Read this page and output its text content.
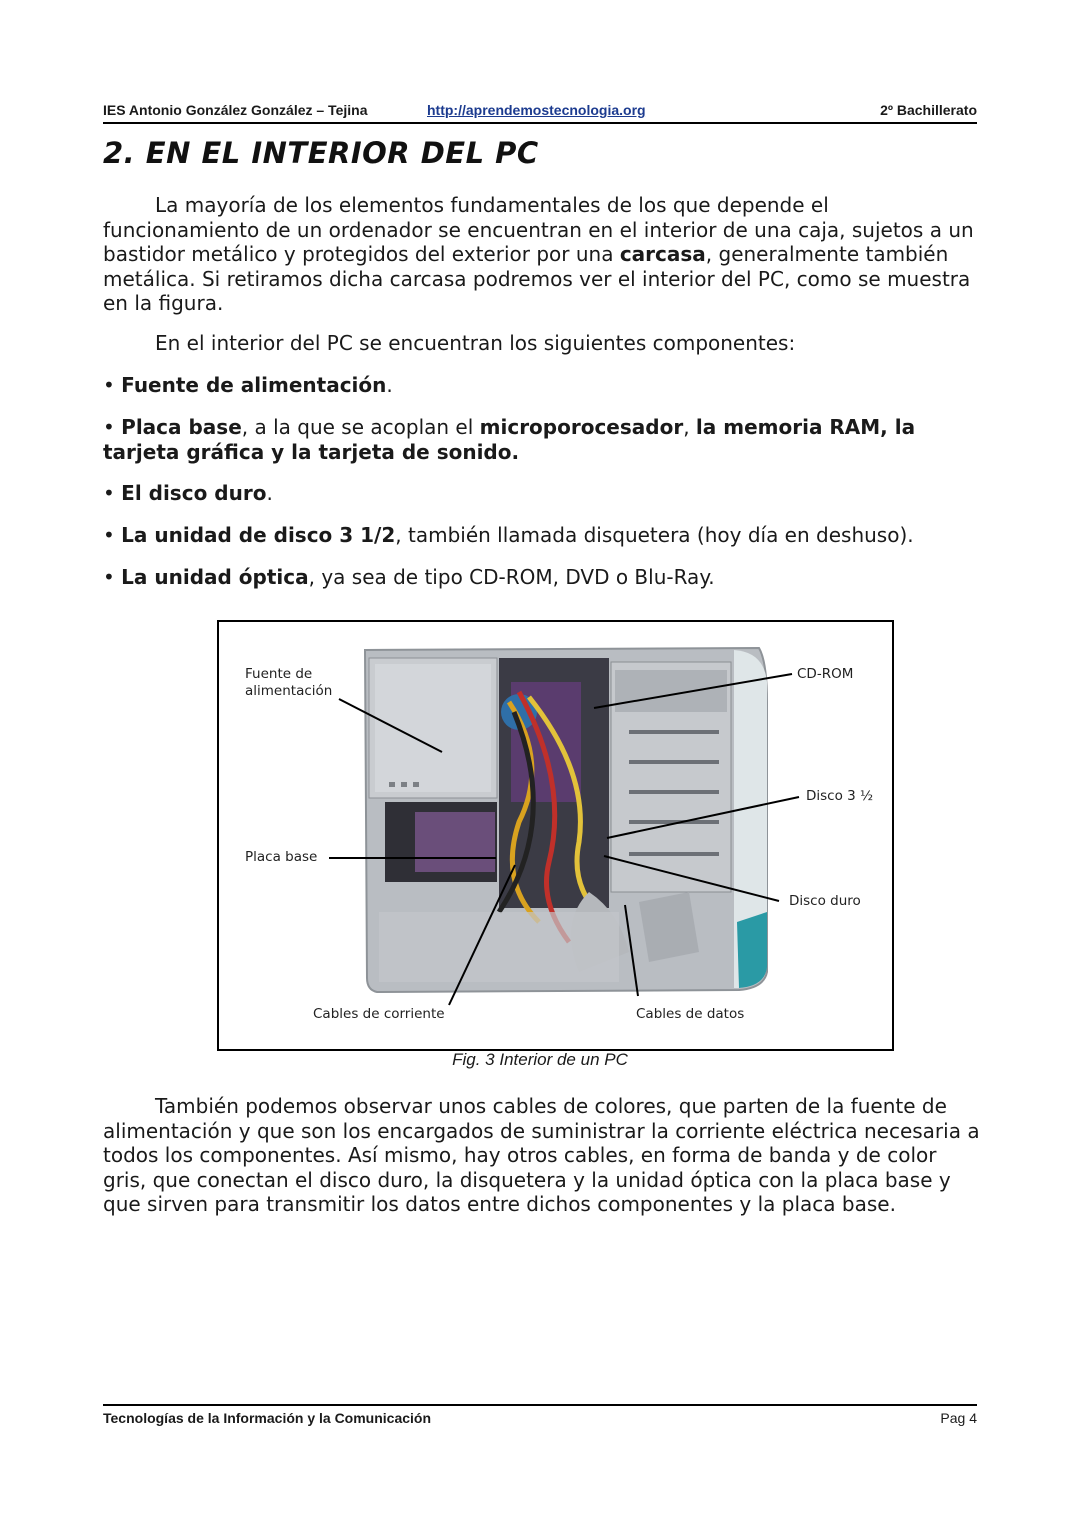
IES Antonio González González – Tejina	http://aprendemostecnologia.org	2º Bachillerato
2. EN EL INTERIOR DEL PC

La mayoría de los elementos fundamentales de los que depende el funcionamiento de un ordenador se encuentran en el interior de una caja, sujetos a un bastidor metálico y protegidos del exterior por una carcasa, generalmente también metálica. Si retiramos dicha carcasa podremos ver el interior del PC, como se muestra en la figura.

En el interior del PC se encuentran los siguientes componentes:

• Fuente de alimentación.

• Placa base, a la que se acoplan el microporocesador, la memoria RAM, la tarjeta gráfica y la tarjeta de sonido.

• El disco duro.

• La unidad de disco 3 1/2, también llamada disquetera (hoy día en deshuso).

• La unidad óptica, ya sea de tipo CD-ROM, DVD o Blu-Ray.

Fuente de alimentación
CD-ROM
Disco 3 ½
Placa base
Disco duro
Cables de corriente	Cables de datos
Fig. 3 Interior de un PC

También podemos observar unos cables de colores, que parten de la fuente de alimentación y que son los encargados de suministrar la corriente eléctrica necesaria a todos los componentes. Así mismo, hay otros cables, en forma de banda y de color gris, que conectan el disco duro, la disquetera y la unidad óptica con la placa base y que sirven para transmitir los datos entre dichos componentes y la placa base.

Tecnologías de la Información y la Comunicación	Pag 4
